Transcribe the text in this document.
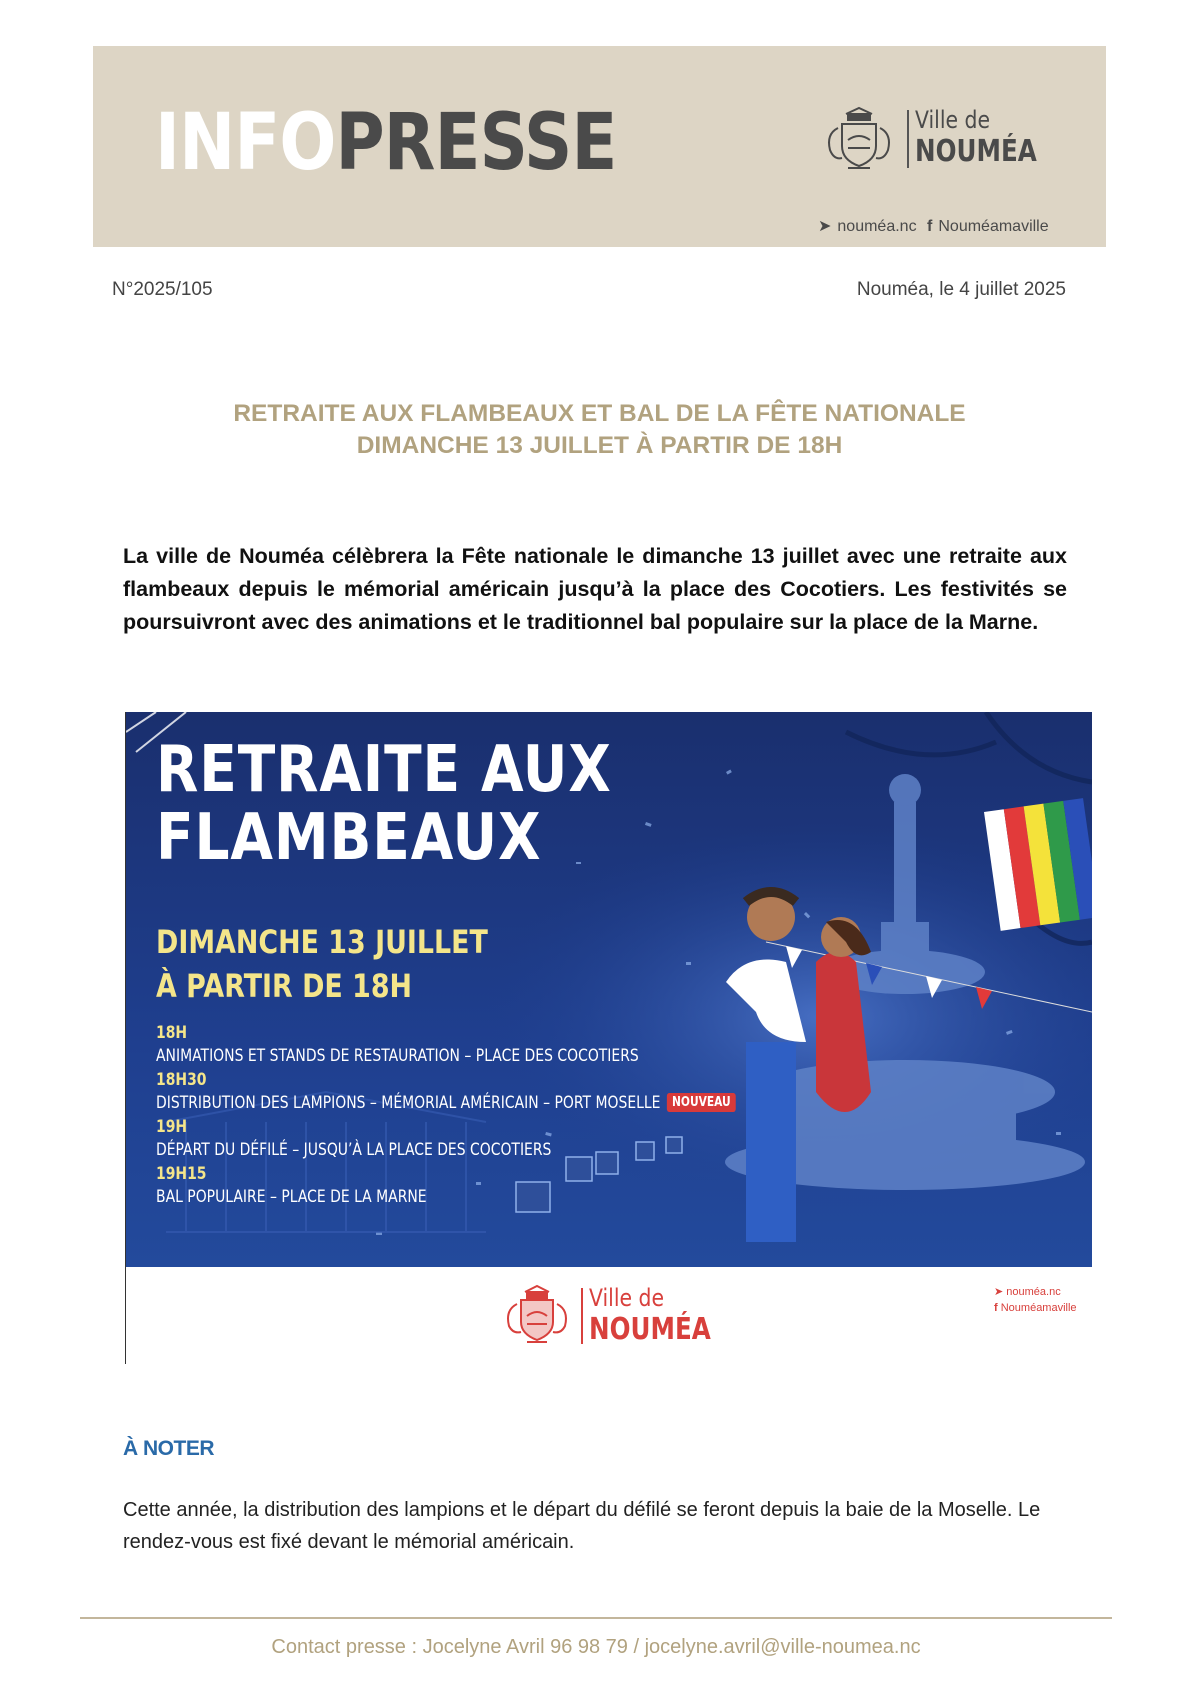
INFOPRESSE	Ville de
NOUMÉA
➤ nouméa.nc f Nouméamaville
N°2025/105	Nouméa, le 4 juillet 2025
RETRAITE AUX FLAMBEAUX ET BAL DE LA FÊTE NATIONALE
DIMANCHE 13 JUILLET À PARTIR DE 18H
La ville de Nouméa célèbrera la Fête nationale le dimanche 13 juillet avec une retraite aux flambeaux depuis le mémorial américain jusqu’à la place des Cocotiers. Les festivités se poursuivront avec des animations et le traditionnel bal populaire sur la place de la Marne.
RETRAITE AUX
FLAMBEAUX
DIMANCHE 13 JUILLET
À PARTIR DE 18H
18H
ANIMATIONS ET STANDS DE RESTAURATION – PLACE DES COCOTIERS
18H30
DISTRIBUTION DES LAMPIONS – MÉMORIAL AMÉRICAIN – PORT MOSELLE NOUVEAU
19H
DÉPART DU DÉFILÉ – JUSQU’À LA PLACE DES COCOTIERS
19H15
BAL POPULAIRE – PLACE DE LA MARNE
Ville de
NOUMÉA
➤ nouméa.nc
f Nouméamaville
À NOTER
Cette année, la distribution des lampions et le départ du défilé se feront depuis la baie de la Moselle. Le rendez-vous est fixé devant le mémorial américain.
Contact presse : Jocelyne Avril 96 98 79 / jocelyne.avril@ville-noumea.nc
